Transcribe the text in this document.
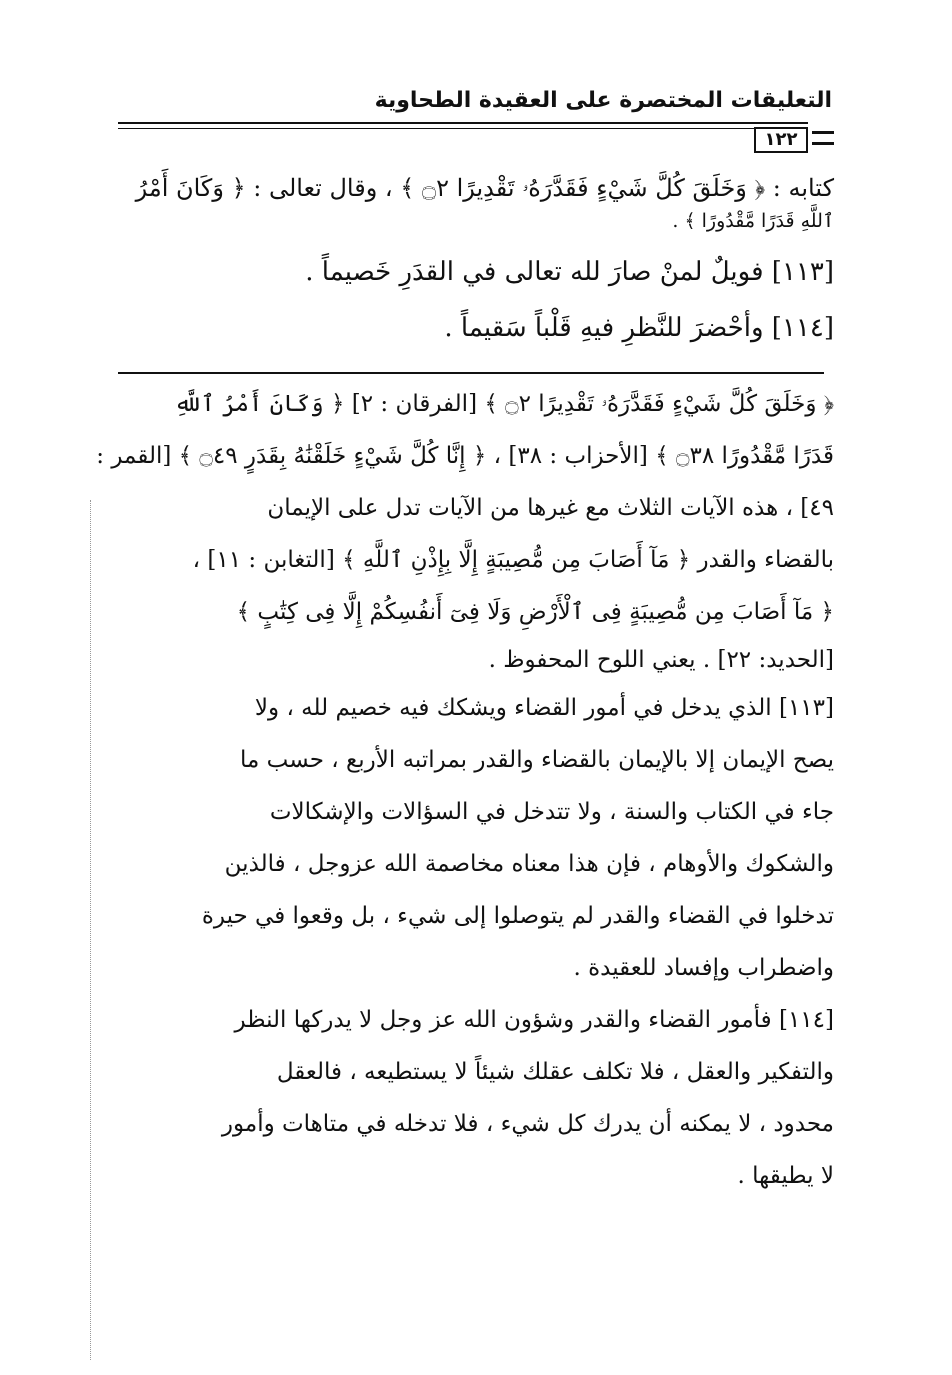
التعليقات المختصرة على العقيدة الطحاوية
١٢٢
كتابه : ﴿ وَخَلَقَ كُلَّ شَيْءٍ فَقَدَّرَهُۥ تَقْدِيرًا ۝٢ ﴾ ، وقال تعالى : ﴿ وَكَانَ أَمْرُ
ٱللَّهِ قَدَرًا مَّقْدُورًا ﴾ .
[١١٣] فويلٌ لمنْ صارَ لله تعالى في القدَرِ خَصيماً .
[١١٤] وأحْضرَ للنَّظرِ فيهِ قَلْباً سَقيماً .
﴿ وَخَلَقَ كُلَّ شَيْءٍ فَقَدَّرَهُۥ تَقْدِيرًا ۝٢ ﴾ [الفرقان : ٢] ﴿ وَكَانَ أَمْرُ ٱللَّهِ
قَدَرًا مَّقْدُورًا ۝٣٨ ﴾ [الأحزاب : ٣٨] ، ﴿ إِنَّا كُلَّ شَيْءٍ خَلَقْنَٰهُ بِقَدَرٍ ۝٤٩ ﴾ [القمر :
٤٩] ، هذه الآيات الثلاث مع غيرها من الآيات تدل على الإيمان
بالقضاء والقدر ﴿ مَآ أَصَابَ مِن مُّصِيبَةٍ إِلَّا بِإِذْنِ ٱللَّهِ ﴾ [التغابن : ١١] ،
﴿ مَآ أَصَابَ مِن مُّصِيبَةٍ فِى ٱلْأَرْضِ وَلَا فِىٓ أَنفُسِكُمْ إِلَّا فِى كِتَٰبٍ ﴾
[الحديد: ٢٢] . يعني اللوح المحفوظ .
[١١٣] الذي يدخل في أمور القضاء ويشكك فيه خصيم لله ، ولا
يصح الإيمان إلا بالإيمان بالقضاء والقدر بمراتبه الأربع ، حسب ما
جاء في الكتاب والسنة ، ولا تتدخل في السؤالات والإشكالات
والشكوك والأوهام ، فإن هذا معناه مخاصمة الله عزوجل ، فالذين
تدخلوا في القضاء والقدر لم يتوصلوا إلى شيء ، بل وقعوا في حيرة
واضطراب وإفساد للعقيدة .
[١١٤] فأمور القضاء والقدر وشؤون الله عز وجل لا يدركها النظر
والتفكير والعقل ، فلا تكلف عقلك شيئاً لا يستطيعه ، فالعقل
محدود ، لا يمكنه أن يدرك كل شيء ، فلا تدخله في متاهات وأمور
لا يطيقها .
